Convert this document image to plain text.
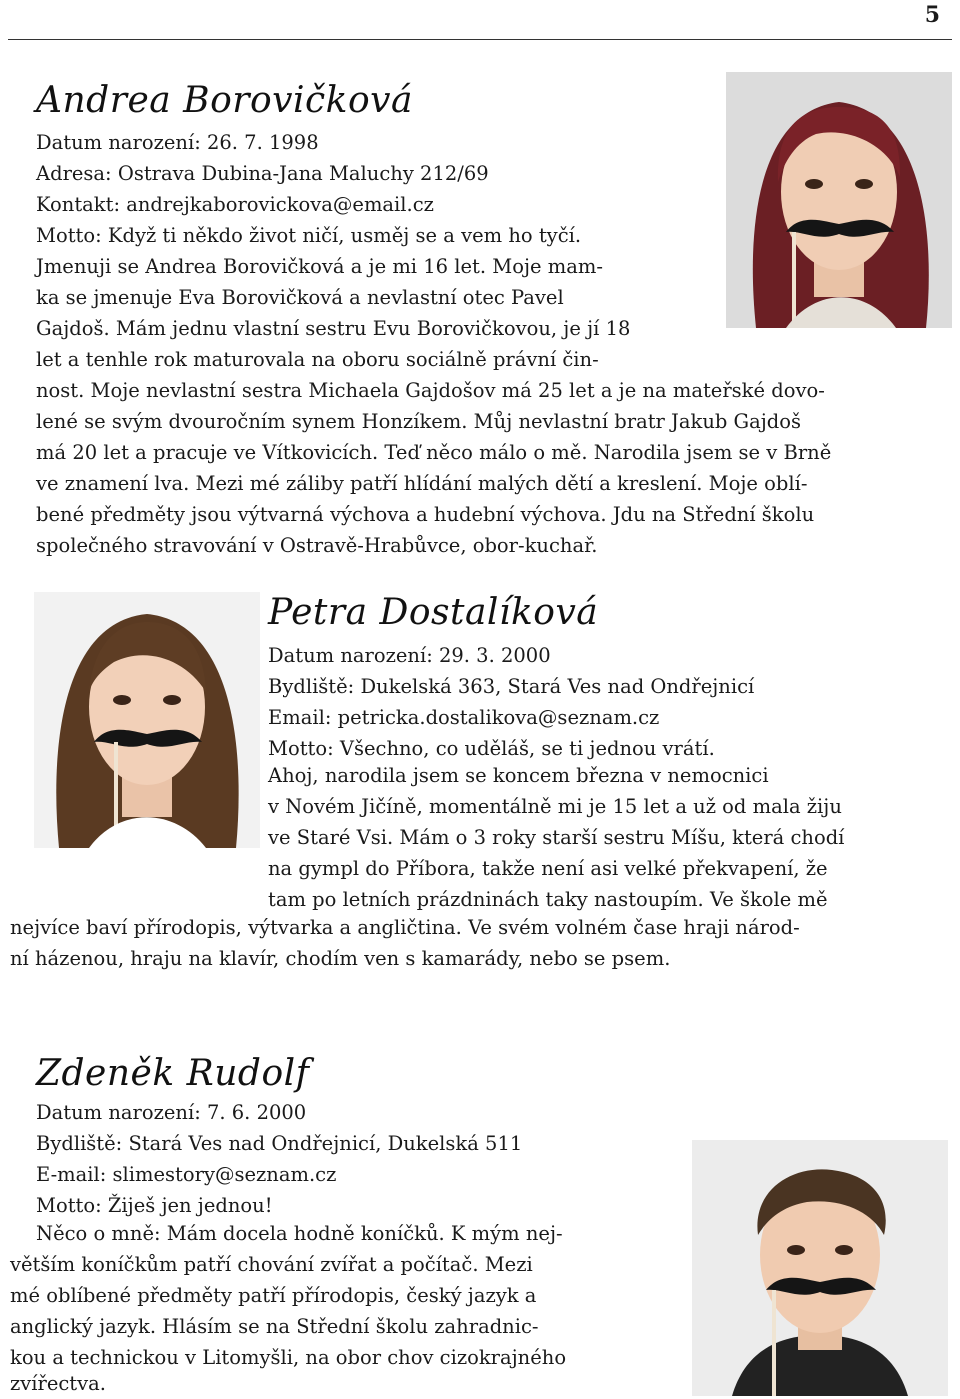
5
Andrea Borovičková
Datum narození: 26. 7. 1998
Adresa: Ostrava Dubina-Jana Maluchy 212/69
Kontakt: andrejkaborovickova@email.cz
Motto: Když ti někdo život ničí, usměj se a vem ho tyčí.
Jmenuji se Andrea Borovičková a je mi 16 let. Moje mam-
ka se jmenuje Eva Borovičková a nevlastní otec Pavel
Gajdoš. Mám jednu vlastní sestru Evu Borovičkovou, je jí 18
let a tenhle rok maturovala na oboru sociálně právní čin-
nost. Moje nevlastní sestra Michaela Gajdošov má 25 let a je na mateřské dovo-
lené se svým dvouročním synem Honzíkem. Můj nevlastní bratr Jakub Gajdoš
má 20 let a pracuje ve Vítkovicích. Teď něco málo o mě. Narodila jsem se v Brně
ve znamení lva. Mezi mé záliby patří hlídání malých dětí a kreslení. Moje oblí-
bené předměty jsou výtvarná výchova a hudební výchova. Jdu na Střední školu
společného stravování v Ostravě-Hrabůvce, obor-kuchař.
Petra Dostalíková
Datum narození: 29. 3. 2000
Bydliště: Dukelská 363, Stará Ves nad Ondřejnicí
Email: petricka.dostalikova@seznam.cz
Motto: Všechno, co uděláš, se ti jednou vrátí.
Ahoj, narodila jsem se koncem března v nemocnici
v Novém Jičíně, momentálně mi je 15 let a už od mala žiju
ve Staré Vsi. Mám o 3 roky starší sestru Míšu, která chodí
na gympl do Příbora, takže není asi velké překvapení, že
tam po letních prázdninách taky nastoupím. Ve škole mě
nejvíce baví přírodopis, výtvarka a angličtina. Ve svém volném čase hraji národ-
ní házenou, hraju na klavír, chodím ven s kamarády, nebo se psem.
Zdeněk Rudolf
Datum narození: 7. 6. 2000
Bydliště: Stará Ves nad Ondřejnicí, Dukelská 511
E-mail: slimestory@seznam.cz
Motto: Žiješ jen jednou!
Něco o mně: Mám docela hodně koníčků. K mým nej-
větším koníčkům patří chování zvířat a počítač. Mezi
mé oblíbené předměty patří přírodopis, český jazyk a
anglický jazyk. Hlásím se na Střední školu zahradnic-
kou a technickou v Litomyšli, na obor chov cizokrajného
zvířectva.
